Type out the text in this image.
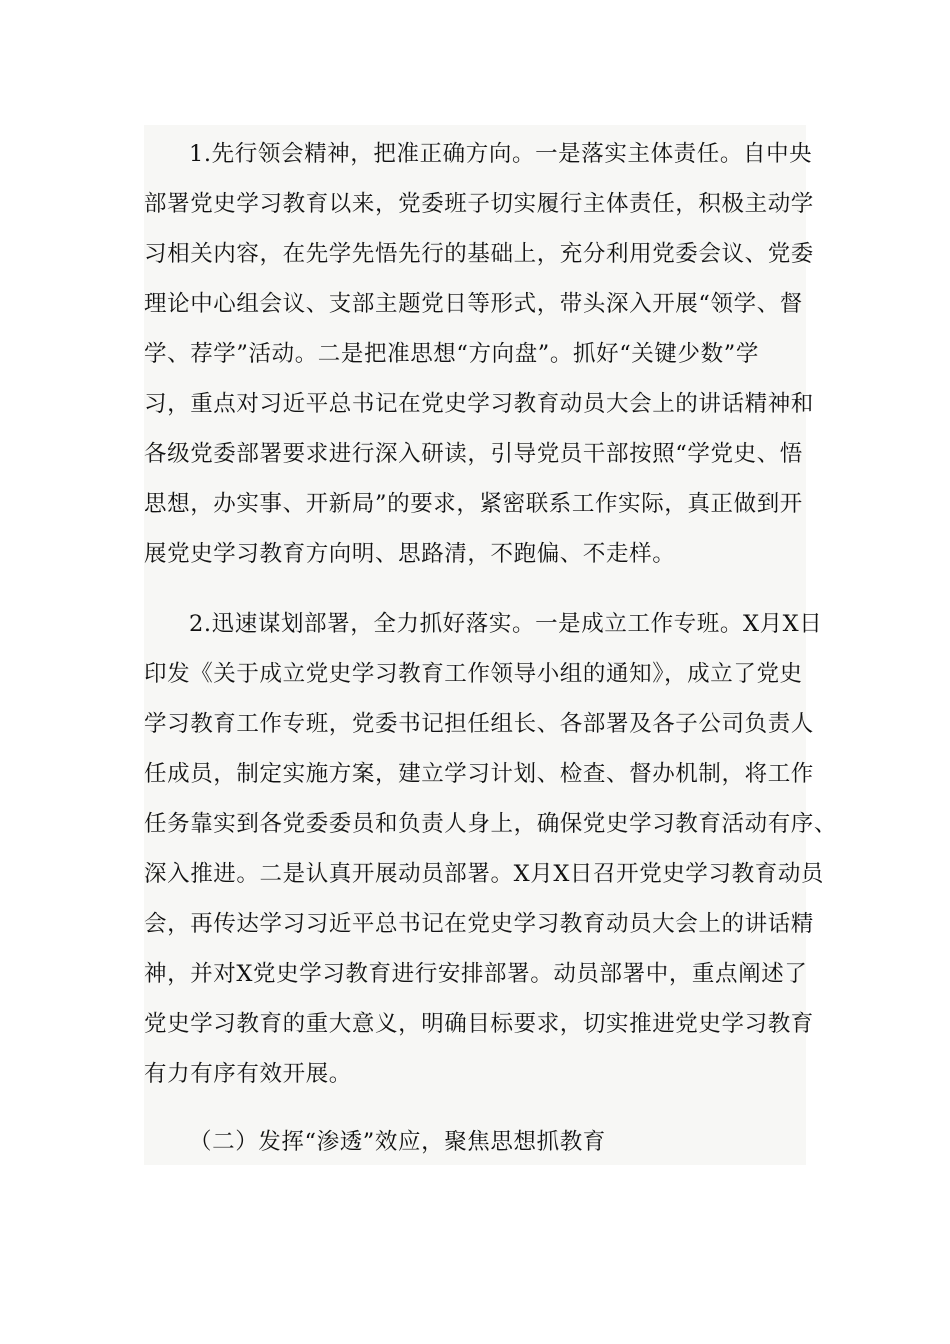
1.先行领会精神，把准正确方向。一是落实主体责任。自中央
部署党史学习教育以来，党委班子切实履行主体责任，积极主动学
习相关内容，在先学先悟先行的基础上，充分利用党委会议、党委
理论中心组会议、支部主题党日等形式，带头深入开展“领学、督
学、荐学”活动。二是把准思想“方向盘”。抓好“关键少数”学
习，重点对习近平总书记在党史学习教育动员大会上的讲话精神和
各级党委部署要求进行深入研读，引导党员干部按照“学党史、悟
思想，办实事、开新局”的要求，紧密联系工作实际，真正做到开
展党史学习教育方向明、思路清，不跑偏、不走样。
2.迅速谋划部署，全力抓好落实。一是成立工作专班。X月X日
印发《关于成立党史学习教育工作领导小组的通知》，成立了党史
学习教育工作专班，党委书记担任组长、各部署及各子公司负责人
任成员，制定实施方案，建立学习计划、检查、督办机制，将工作
任务靠实到各党委委员和负责人身上，确保党史学习教育活动有序、
深入推进。二是认真开展动员部署。X月X日召开党史学习教育动员
会，再传达学习习近平总书记在党史学习教育动员大会上的讲话精
神，并对X党史学习教育进行安排部署。动员部署中，重点阐述了
党史学习教育的重大意义，明确目标要求，切实推进党史学习教育
有力有序有效开展。
（二）发挥“渗透”效应，聚焦思想抓教育
